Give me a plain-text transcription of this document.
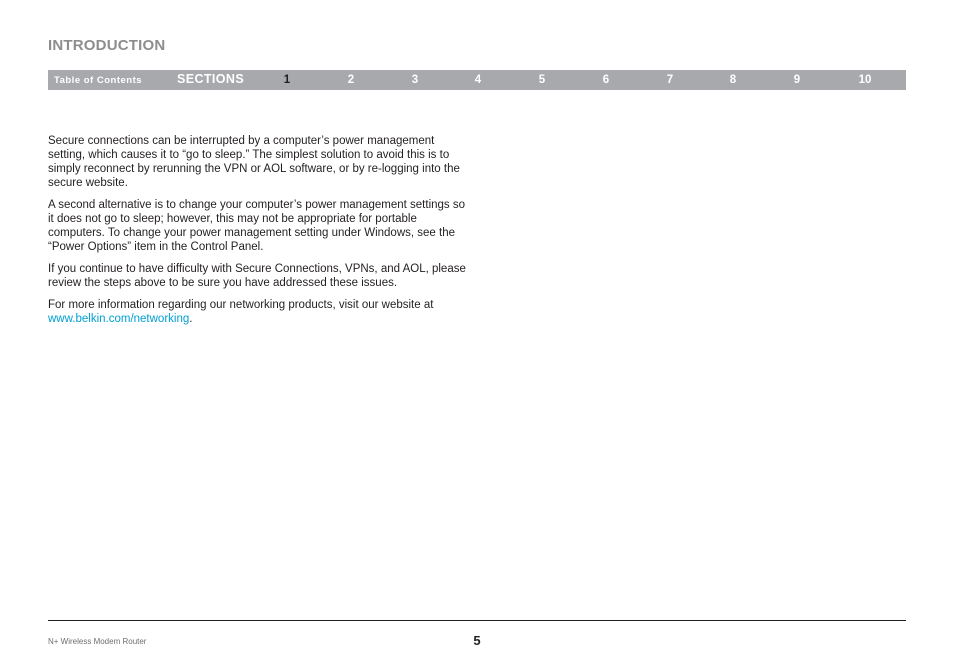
INTRODUCTION
Table of Contents	SECTIONS	1	2	3	4	5	6	7	8	9	10

Secure connections can be interrupted by a computer’s power management setting, which causes it to “go to sleep.” The simplest solution to avoid this is to simply reconnect by rerunning the VPN or AOL software, or by re-logging into the secure website.

A second alternative is to change your computer’s power management settings so it does not go to sleep; however, this may not be appropriate for portable computers. To change your power management setting under Windows, see the “Power Options” item in the Control Panel.

If you continue to have difficulty with Secure Connections, VPNs, and AOL, please review the steps above to be sure you have addressed these issues.

For more information regarding our networking products, visit our website at www.belkin.com/networking.

N+ Wireless Modem Router	5
